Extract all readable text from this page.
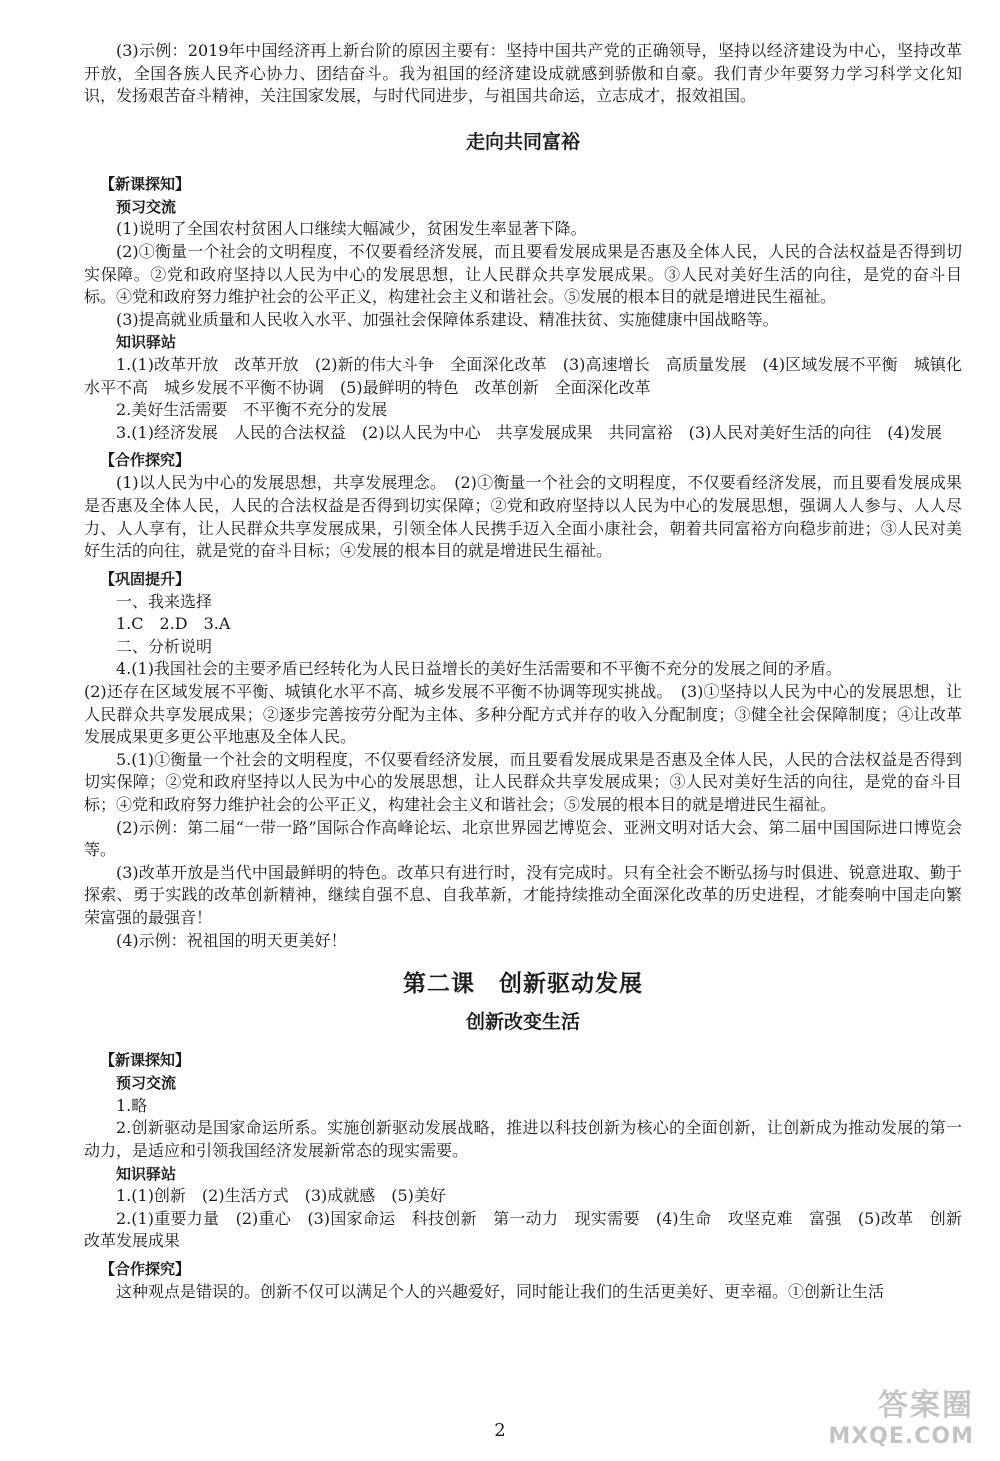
(3)示例：2019年中国经济再上新台阶的原因主要有：坚持中国共产党的正确领导，坚持以经济建设为中心，坚持改革开放，全国各族人民齐心协力、团结奋斗。我为祖国的经济建设成就感到骄傲和自豪。我们青少年要努力学习科学文化知识，发扬艰苦奋斗精神，关注国家发展，与时代同进步，与祖国共命运，立志成才，报效祖国。

走向共同富裕
【新课探知】
预习交流

(1)说明了全国农村贫困人口继续大幅减少，贫困发生率显著下降。

(2)①衡量一个社会的文明程度，不仅要看经济发展，而且要看发展成果是否惠及全体人民，人民的合法权益是否得到切实保障。②党和政府坚持以人民为中心的发展思想，让人民群众共享发展成果。③人民对美好生活的向往，是党的奋斗目标。④党和政府努力维护社会的公平正义，构建社会主义和谐社会。⑤发展的根本目的就是增进民生福祉。

(3)提高就业质量和人民收入水平、加强社会保障体系建设、精准扶贫、实施健康中国战略等。

知识驿站

1.(1)改革开放　改革开放　(2)新的伟大斗争　全面深化改革　(3)高速增长　高质量发展　(4)区域发展不平衡　城镇化水平不高　城乡发展不平衡不协调　(5)最鲜明的特色　改革创新　全面深化改革

2.美好生活需要　不平衡不充分的发展

3.(1)经济发展　人民的合法权益　(2)以人民为中心　共享发展成果　共同富裕　(3)人民对美好生活的向往　(4)发展

【合作探究】

(1)以人民为中心的发展思想，共享发展理念。　(2)①衡量一个社会的文明程度，不仅要看经济发展，而且要看发展成果是否惠及全体人民，人民的合法权益是否得到切实保障；②党和政府坚持以人民为中心的发展思想，强调人人参与、人人尽力、人人享有，让人民群众共享发展成果，引领全体人民携手迈入全面小康社会，朝着共同富裕方向稳步前进；③人民对美好生活的向往，就是党的奋斗目标；④发展的根本目的就是增进民生福祉。

【巩固提升】

一、我来选择

1.C　2.D　3.A

二、分析说明

4.(1)我国社会的主要矛盾已经转化为人民日益增长的美好生活需要和不平衡不充分的发展之间的矛盾。

(2)还存在区域发展不平衡、城镇化水平不高、城乡发展不平衡不协调等现实挑战。　(3)①坚持以人民为中心的发展思想，让人民群众共享发展成果；②逐步完善按劳分配为主体、多种分配方式并存的收入分配制度；③健全社会保障制度；④让改革发展成果更多更公平地惠及全体人民。

5.(1)①衡量一个社会的文明程度，不仅要看经济发展，而且要看发展成果是否惠及全体人民，人民的合法权益是否得到切实保障；②党和政府坚持以人民为中心的发展思想，让人民群众共享发展成果；③人民对美好生活的向往，是党的奋斗目标；④党和政府努力维护社会的公平正义，构建社会主义和谐社会；⑤发展的根本目的就是增进民生福祉。

(2)示例：第二届“一带一路”国际合作高峰论坛、北京世界园艺博览会、亚洲文明对话大会、第二届中国国际进口博览会等。

(3)改革开放是当代中国最鲜明的特色。改革只有进行时，没有完成时。只有全社会不断弘扬与时俱进、锐意进取、勤于探索、勇于实践的改革创新精神，继续自强不息、自我革新，才能持续推动全面深化改革的历史进程，才能奏响中国走向繁荣富强的最强音！

(4)示例：祝祖国的明天更美好！

第二课　创新驱动发展
创新改变生活
【新课探知】
预习交流

1.略

2.创新驱动是国家命运所系。实施创新驱动发展战略，推进以科技创新为核心的全面创新，让创新成为推动发展的第一动力，是适应和引领我国经济发展新常态的现实需要。

知识驿站

1.(1)创新　(2)生活方式　(3)成就感　(5)美好

2.(1)重要力量　(2)重心　(3)国家命运　科技创新　第一动力　现实需要　(4)生命　攻坚克难　富强　(5)改革　创新　改革发展成果

【合作探究】

这种观点是错误的。创新不仅可以满足个人的兴趣爱好，同时能让我们的生活更美好、更幸福。①创新让生活

2
答案圈
MXQE.COM
